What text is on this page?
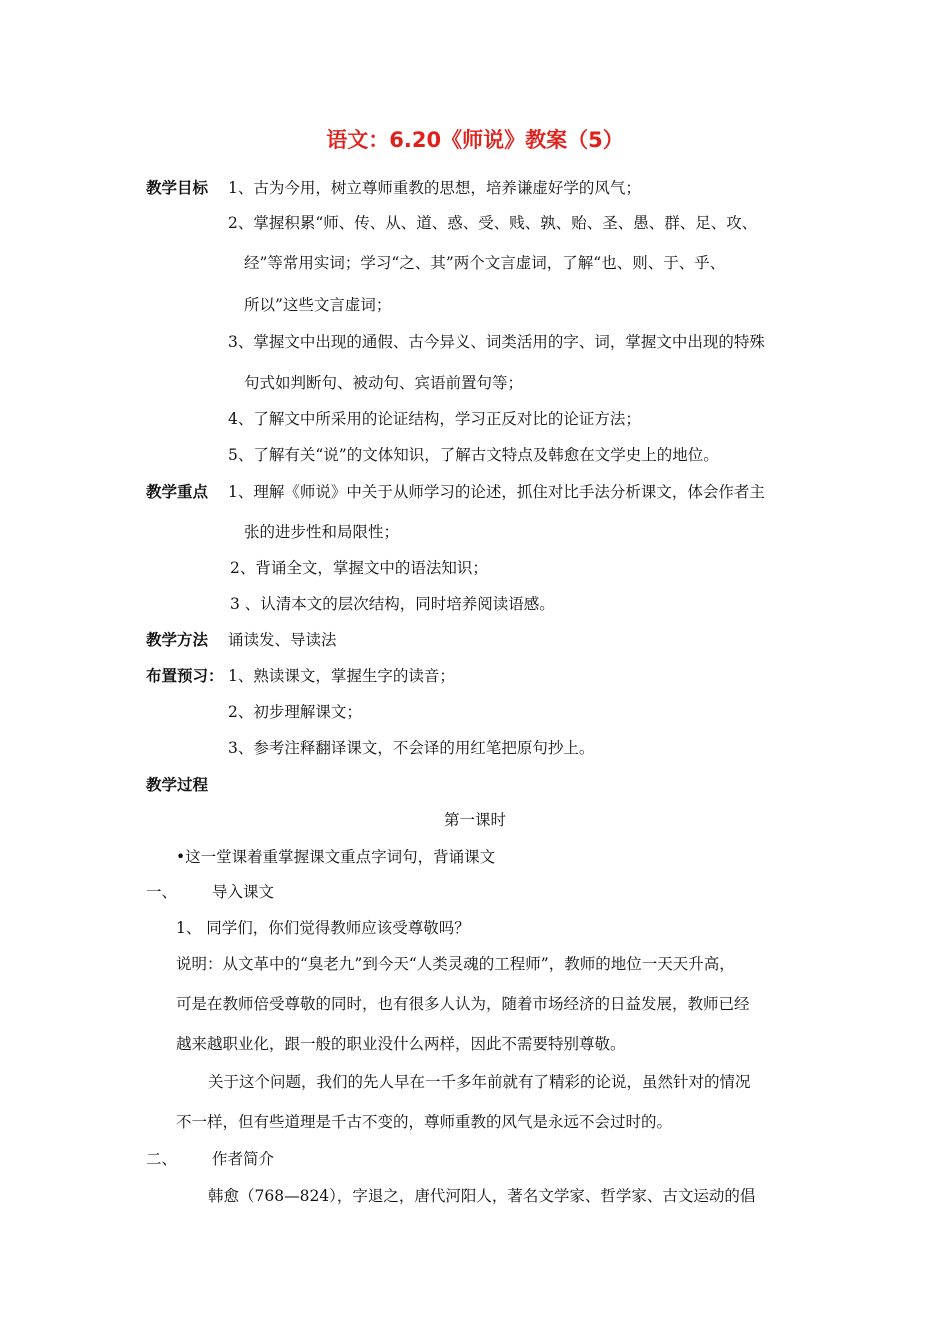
语文：6.20《师说》教案（5）
教学目标 1、古为今用，树立尊师重教的思想，培养谦虚好学的风气；
2、掌握积累“师、传、从、道、惑、受、贱、孰、贻、圣、愚、群、足、攻、
经”等常用实词；学习“之、其”两个文言虚词，了解“也、则、于、乎、
所以”这些文言虚词；
3、掌握文中出现的通假、古今异义、词类活用的字、词，掌握文中出现的特殊
句式如判断句、被动句、宾语前置句等；
4、了解文中所采用的论证结构，学习正反对比的论证方法；
5、了解有关“说”的文体知识，了解古文特点及韩愈在文学史上的地位。
教学重点 1、理解《师说》中关于从师学习的论述，抓住对比手法分析课文，体会作者主
张的进步性和局限性；
2、背诵全文，掌握文中的语法知识；
3 、认清本文的层次结构，同时培养阅读语感。
教学方法 诵读发、导读法
布置预习： 1、熟读课文，掌握生字的读音；
2、初步理解课文；
3、参考注释翻译课文，不会译的用红笔把原句抄上。
教学过程
第一课时
•这一堂课着重掌握课文重点字词句，背诵课文
一、 导入课文
1、 同学们，你们觉得教师应该受尊敬吗？
说明：从文革中的“臭老九”到今天“人类灵魂的工程师”，教师的地位一天天升高，
可是在教师倍受尊敬的同时，也有很多人认为，随着市场经济的日益发展，教师已经
越来越职业化，跟一般的职业没什么两样，因此不需要特别尊敬。
关于这个问题，我们的先人早在一千多年前就有了精彩的论说，虽然针对的情况
不一样，但有些道理是千古不变的，尊师重教的风气是永远不会过时的。
二、 作者简介
韩愈（768—824），字退之，唐代河阳人，著名文学家、哲学家、古文运动的倡
